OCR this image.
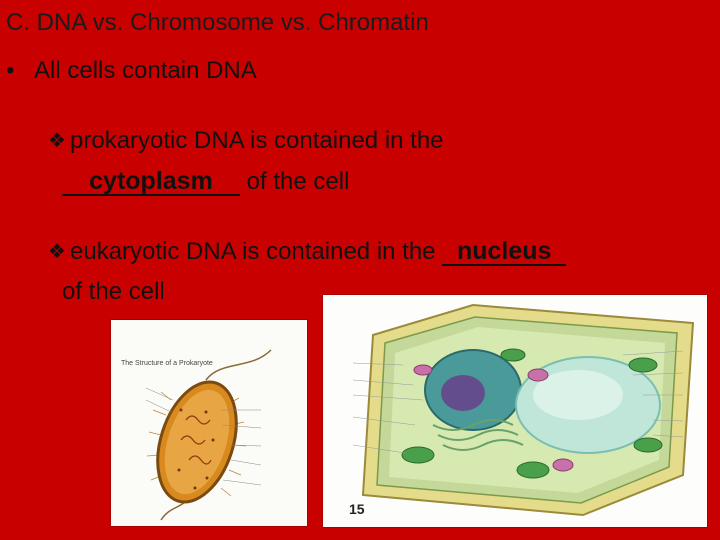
C. DNA vs. Chromosome vs. Chromatin
• All cells contain DNA
❖ prokaryotic DNA is contained in the
cytoplasm of the cell
❖ eukaryotic DNA is contained in the nucleus
of the cell
The Structure of a Prokaryote
15
